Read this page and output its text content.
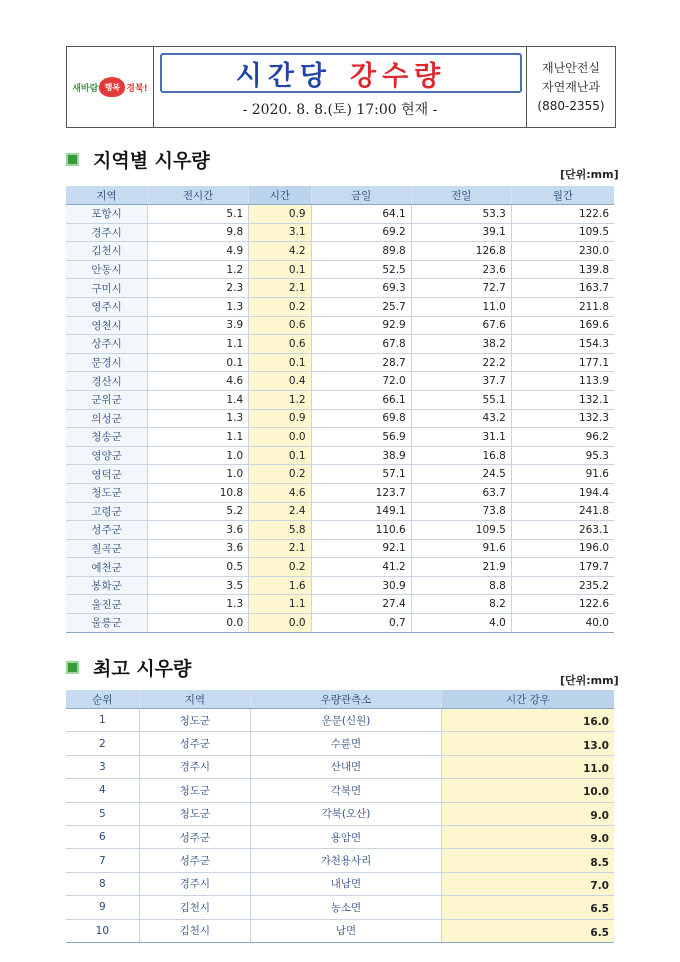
새바람 행복 경북!	시간당 강수량
- 2020. 8. 8.(토) 17:00 현재 -
재난안전실
자연재난과
(880-2355)
지역별 시우량
[단위:mm]
지역	전시간	시간	금일	전일	월간
포항시	5.1	0.9	64.1	53.3	122.6
경주시	9.8	3.1	69.2	39.1	109.5
김천시	4.9	4.2	89.8	126.8	230.0
안동시	1.2	0.1	52.5	23.6	139.8
구미시	2.3	2.1	69.3	72.7	163.7
영주시	1.3	0.2	25.7	11.0	211.8
영천시	3.9	0.6	92.9	67.6	169.6
상주시	1.1	0.6	67.8	38.2	154.3
문경시	0.1	0.1	28.7	22.2	177.1
경산시	4.6	0.4	72.0	37.7	113.9
군위군	1.4	1.2	66.1	55.1	132.1
의성군	1.3	0.9	69.8	43.2	132.3
청송군	1.1	0.0	56.9	31.1	96.2
영양군	1.0	0.1	38.9	16.8	95.3
영덕군	1.0	0.2	57.1	24.5	91.6
청도군	10.8	4.6	123.7	63.7	194.4
고령군	5.2	2.4	149.1	73.8	241.8
성주군	3.6	5.8	110.6	109.5	263.1
칠곡군	3.6	2.1	92.1	91.6	196.0
예천군	0.5	0.2	41.2	21.9	179.7
봉화군	3.5	1.6	30.9	8.8	235.2
울진군	1.3	1.1	27.4	8.2	122.6
울릉군	0.0	0.0	0.7	4.0	40.0
최고 시우량
[단위:mm]
순위	지역	우량관측소	시간 강우
1	청도군	운문(신원)	16.0
2	성주군	수륜면	13.0
3	경주시	산내면	11.0
4	청도군	각북면	10.0
5	청도군	각북(오산)	9.0
6	성주군	용암면	9.0
7	성주군	가천용사리	8.5
8	경주시	내남면	7.0
9	김천시	농소면	6.5
10	김천시	남면	6.5
